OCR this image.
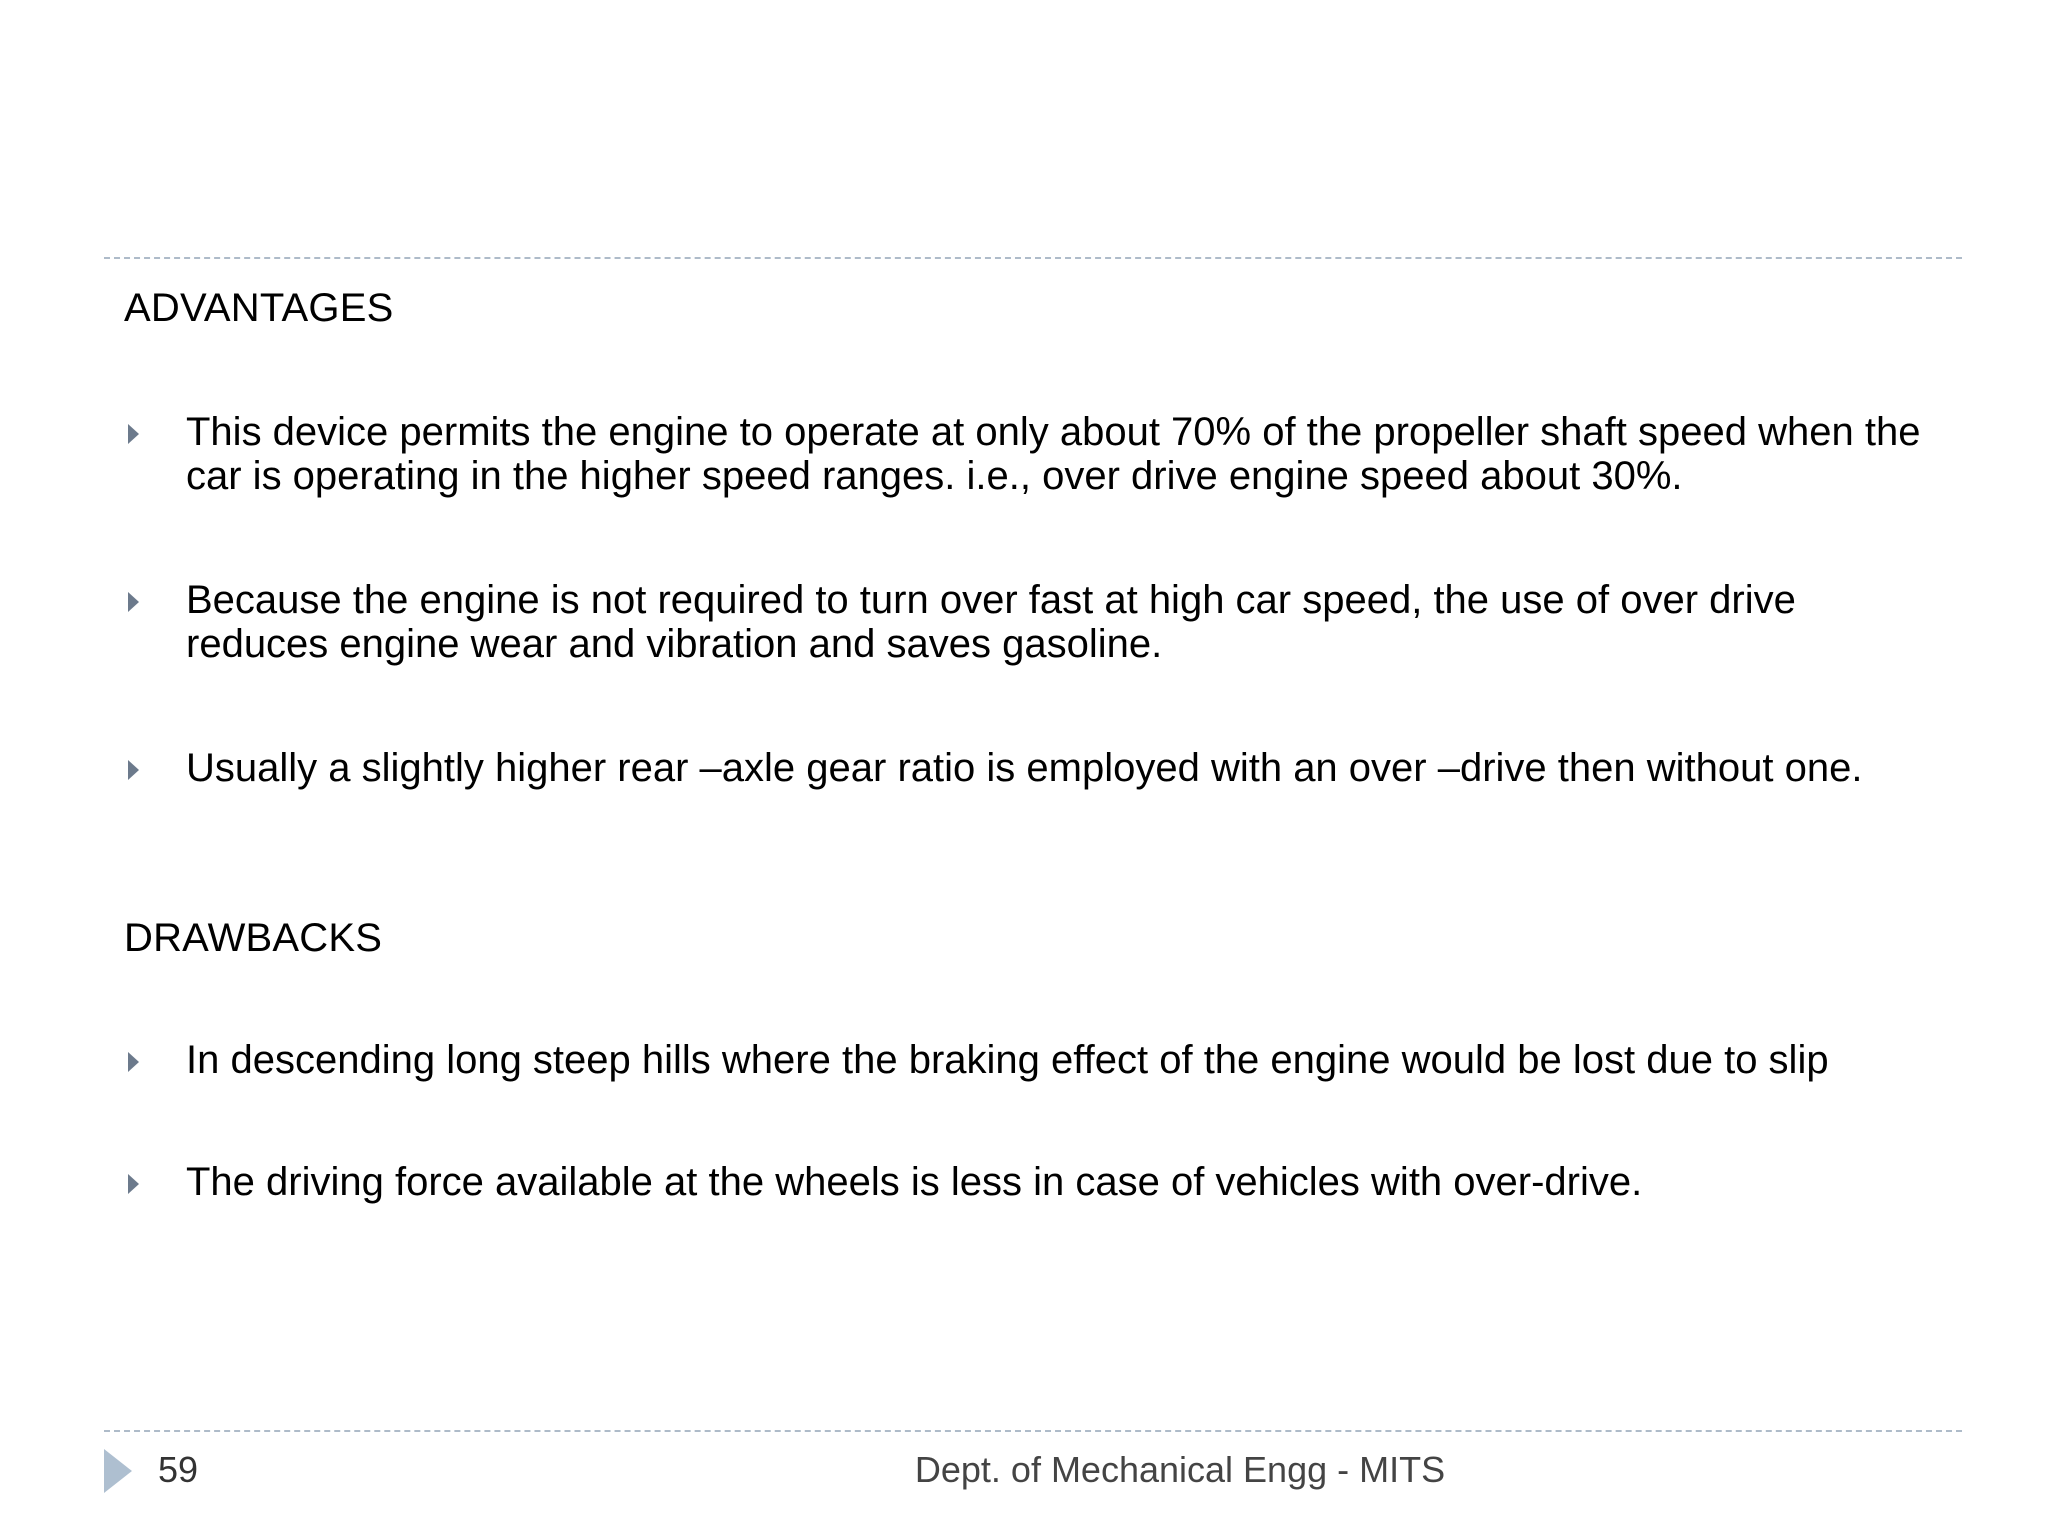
ADVANTAGES
This device permits the engine to operate at only about 70% of the propeller shaft speed when the car is operating in the higher speed ranges. i.e., over drive engine speed about 30%.
Because the engine is not required to turn over fast at high car speed, the use of over drive reduces engine wear and vibration and saves gasoline.
Usually a slightly higher rear –axle gear ratio is employed with an over –drive then without one.
DRAWBACKS
In descending long steep hills where the braking effect of the engine would be lost due to slip
The driving force available at the wheels is less in case of vehicles with over-drive.
59	Dept. of Mechanical Engg - MITS
